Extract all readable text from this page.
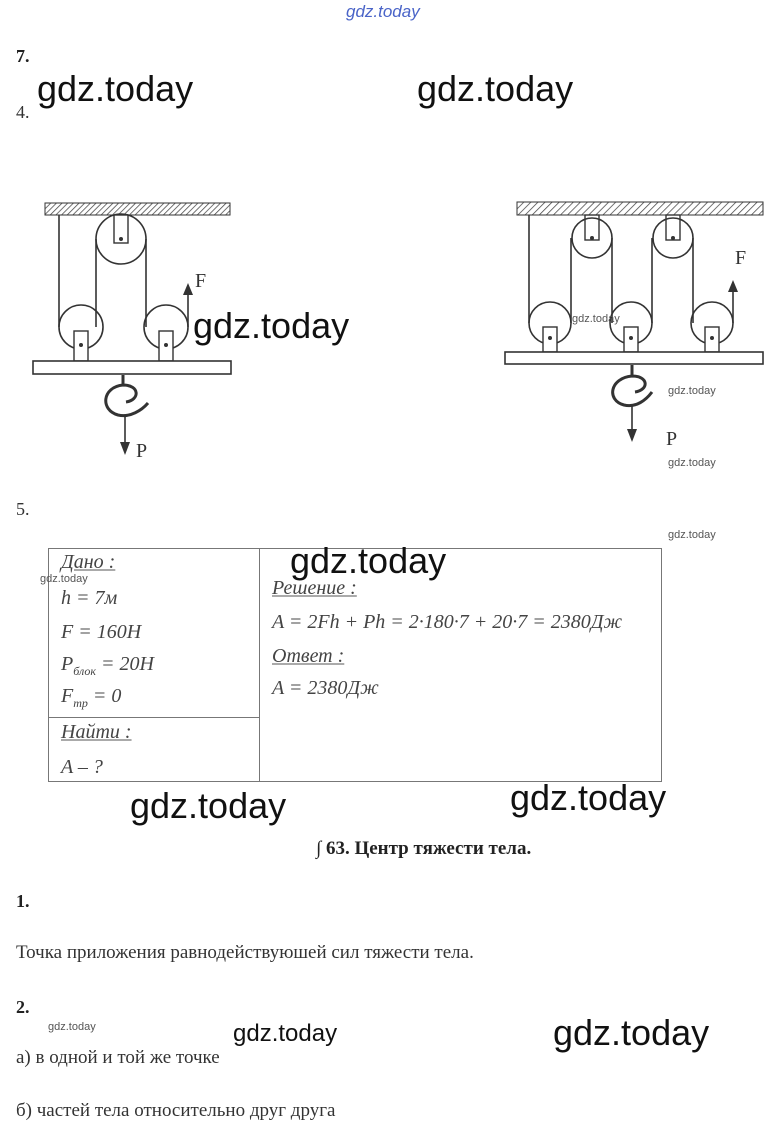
gdz.today
7.
4.
gdz.today	gdz.today
F
P
F
P
gdz.today	gdz.today
gdz.today
gdz.today
5.
gdz.today
Дано :
h = 7м
F = 160H
$P_{блок} = 20H$
$F_{тр} = 0$

Решение :
A = 2Fh + Ph = 2·180·7 + 20·7 = 2380Дж
Ответ :
A = 2380Дж

Найти :
A – ?
gdz.today
gdz.today
gdz.today	gdz.today
∫ 63. Центр тяжести тела.
1.
Точка приложения равнодействуюшей сил тяжести тела.
2.
gdz.today	gdz.today	gdz.today
а) в одной и той же точке
б) частей тела относительно друг друга
